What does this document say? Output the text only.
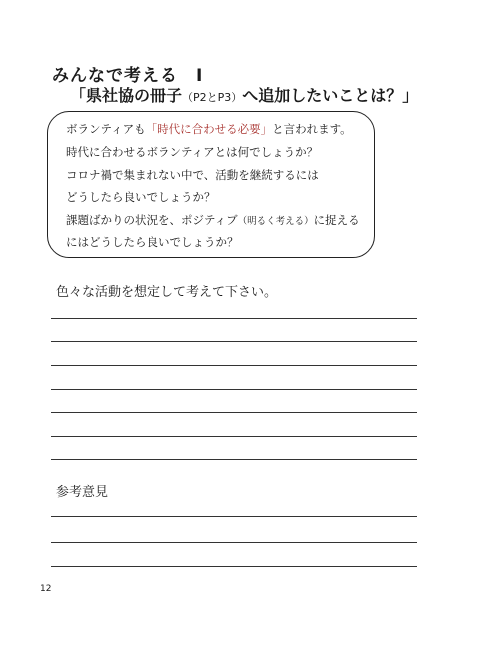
みんなで考える　Ⅰ
「県社協の冊子（P2とP3）へ追加したいことは？」
ボランティアも「時代に合わせる必要」と言われます。
時代に合わせるボランティアとは何でしょうか？
コロナ禍で集まれない中で、活動を継続するには
どうしたら良いでしょうか？
課題ばかりの状況を、ポジティブ（明るく考える）に捉える
にはどうしたら良いでしょうか？
色々な活動を想定して考えて下さい。
参考意見
12
